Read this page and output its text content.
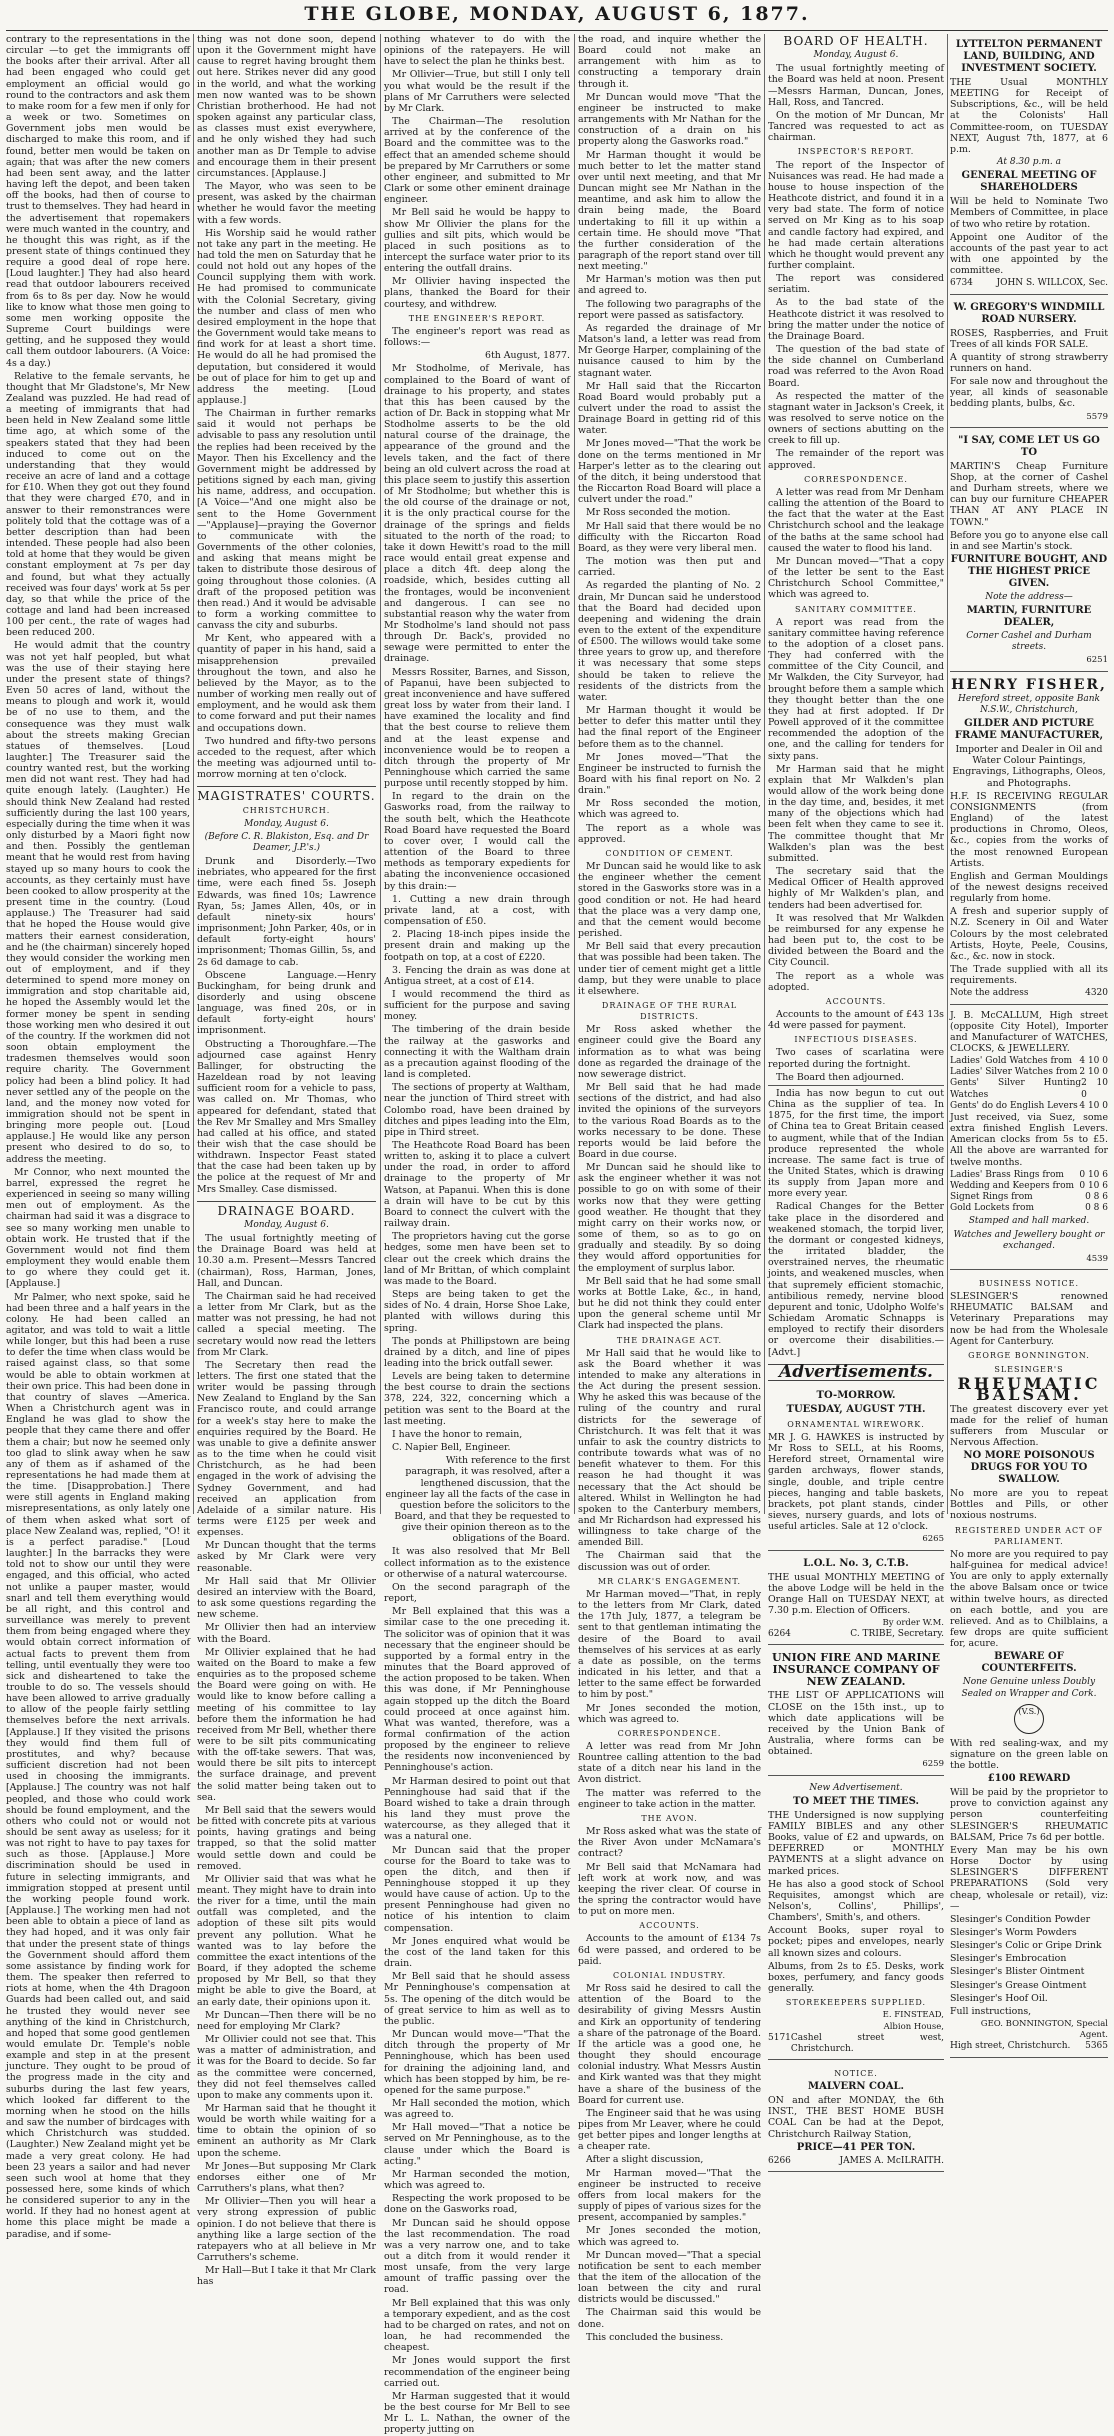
THE GLOBE, MONDAY, AUGUST 6, 1877.

contrary to the representations in the circular —to get the immigrants off the books after their arrival. After all had been engaged who could get employment an official would go round to the contractors and ask them to make room for a few men if only for a week or two. Sometimes on Government jobs men would be discharged to make this room, and if found, better men would be taken on again; that was after the new comers had been sent away, and the latter having left the depot, and been taken off the books, had then of course to trust to themselves. They had heard in the advertisement that ropemakers were much wanted in the country, and he thought this was right, as if the present state of things continued they require a good deal of rope here. [Loud laughter.] They had also heard read that outdoor labourers received from 6s to 8s per day. Now he would like to know what those men going to some men working opposite the Supreme Court buildings were getting, and he supposed they would call them outdoor labourers. (A Voice: 4s a day.)

Relative to the female servants, he thought that Mr Gladstone's, Mr New Zealand was puzzled. He had read of a meeting of immigrants that had been held in New Zealand some little time ago, at which some of the speakers stated that they had been induced to come out on the understanding that they would receive an acre of land and a cottage for £10. When they got out they found that they were charged £70, and in answer to their remonstrances were politely told that the cottage was of a better description than had been intended. These people had also been told at home that they would be given constant employment at 7s per day and found, but what they actually received was four days' work at 5s per day, so that while the price of the cottage and land had been increased 100 per cent., the rate of wages had been reduced 200.

He would admit that the country was not yet half peopled, but what was the use of their staying here under the present state of things? Even 50 acres of land, without the means to plough and work it, would be of no use to them, and the consequence was they must walk about the streets making Grecian statues of themselves. [Loud laughter.] The Treasurer said the country wanted rest, but the working men did not want rest. They had had quite enough lately. (Laughter.) He should think New Zealand had rested sufficiently during the last 100 years, especially during the time when it was only disturbed by a Maori fight now and then. Possibly the gentleman meant that he would rest from having stayed up so many hours to cook the accounts, as they certainly must have been cooked to allow prosperity at the present time in the country. (Loud applause.) The Treasurer had said that he hoped the House would give matters their earnest consideration, and he (the chairman) sincerely hoped they would consider the working men out of employment, and if they determined to spend more money on immigration and stop charitable aid, he hoped the Assembly would let the former money be spent in sending those working men who desired it out of the country. If the workmen did not soon obtain employment the tradesmen themselves would soon require charity. The Government policy had been a blind policy. It had never settled any of the people on the land, and the money now voted for immigration should not be spent in bringing more people out. [Loud applause.] He would like any person present who desired to do so, to address the meeting.

Mr Connor, who next mounted the barrel, expressed the regret he experienced in seeing so many willing men out of employment. As the chairman had said it was a disgrace to see so many working men unable to obtain work. He trusted that if the Government would not find them employment they would enable them to go where they could get it. [Applause.]

Mr Palmer, who next spoke, said he had been three and a half years in the colony. He had been called an agitator, and was told to wait a little while longer, but this had been a ruse to defer the time when class would be raised against class, so that some would be able to obtain workmen at their own price. This had been done in that country of slaves —America. When a Christchurch agent was in England he was glad to show the people that they came there and offer them a chair; but now he seemed only too glad to slink away when he saw any of them as if ashamed of the representations he had made them at the time. [Disapprobation.] There were still agents in England making misrepresentations, as only lately one of them when asked what sort of place New Zealand was, replied, "O! it is a perfect paradise." [Loud laughter.] In the barracks they were told not to show our until they were engaged, and this official, who acted not unlike a pauper master, would snarl and tell them everything would be all right, and this control and surveillance was merely to prevent them from being engaged where they would obtain correct information of actual facts to prevent them from telling, until eventually they were too sick and disheartened to take the trouble to do so. The vessels should have been allowed to arrive gradually to allow of the people fairly settling themselves before the next arrivals. [Applause.] If they visited the prisons they would find them full of prostitutes, and why? because sufficient discretion had not been used in choosing the immigrants. [Applause.] The country was not half peopled, and those who could work should be found employment, and the others who could not or would not should be sent away as useless; for it was not right to have to pay taxes for such as those. [Applause.] More discrimination should be used in future in selecting immigrants, and immigration stopped at present until the working people found work. [Applause.] The working men had not been able to obtain a piece of land as they had hoped, and it was only fair that under the present state of things the Government should afford them some assistance by finding work for them. The speaker then referred to riots at home, when the 4th Dragoon Guards had been called out, and said he trusted they would never see anything of the kind in Christchurch, and hoped that some good gentlemen would emulate Dr. Temple's noble example and step in at the present juncture. They ought to be proud of the progress made in the city and suburbs during the last few years, which looked far different to the morning when he stood on the hills and saw the number of birdcages with which Christchurch was studded. (Laughter.) New Zealand might yet be made a very great colony. He had been 23 years a sailor and had never seen such wool at home that they possessed here, some kinds of which he considered superior to any in the world. If they had no honest agent at home this place might be made a paradise, and if some-

thing was not done soon, depend upon it the Government might have cause to regret having brought them out here. Strikes never did any good in the world, and what the working men now wanted was to be shown Christian brotherhood. He had not spoken against any particular class, as classes must exist everywhere, and he only wished they had such another man as Dr Temple to advise and encourage them in their present circumstances. [Applause.]

The Mayor, who was seen to be present, was asked by the chairman whether he would favor the meeting with a few words.

His Worship said he would rather not take any part in the meeting. He had told the men on Saturday that he could not hold out any hopes of the Council supplying them with work. He had promised to communicate with the Colonial Secretary, giving the number and class of men who desired employment in the hope that the Government would take means to find work for at least a short time. He would do all he had promised the deputation, but considered it would be out of place for him to get up and address the meeting. [Loud applause.]

The Chairman in further remarks said it would not perhaps be advisable to pass any resolution until the replies had been received by the Mayor. Then his Excellency and the Government might be addressed by petitions signed by each man, giving his name, address, and occupation. [A Voice—"And one might also be sent to the Home Government—"Applause]—praying the Governor to communicate with the Governments of the other colonies, and asking that means might be taken to distribute those desirous of going throughout those colonies. (A draft of the proposed petition was then read.) And it would be advisable to form a working committee to canvass the city and suburbs.

Mr Kent, who appeared with a quantity of paper in his hand, said a misapprehension prevailed throughout the town, and also he believed by the Mayor, as to the number of working men really out of employment, and he would ask them to come forward and put their names and occupations down.

Two hundred and fifty-two persons acceded to the request, after which the meeting was adjourned until to-morrow morning at ten o'clock.

MAGISTRATES' COURTS.
CHRISTCHURCH.
Monday, August 6.
(Before C. R. Blakiston, Esq. and Dr Deamer, J.P.'s.)

Drunk and Disorderly.—Two inebriates, who appeared for the first time, were each fined 5s. Joseph Edwards, was fined 10s; Lawrence Ryan, 5s; James Allen, 40s, or in default ninety-six hours' imprisonment; John Parker, 40s, or in default forty-eight hours' imprisonment; Thomas Gillin, 5s, and 2s 6d damage to cab.

Obscene Language.—Henry Buckingham, for being drunk and disorderly and using obscene language, was fined 20s, or in default forty-eight hours' imprisonment.

Obstructing a Thoroughfare.—The adjourned case against Henry Ballinger, for obstructing the Hazeldean road by not leaving sufficient room for a vehicle to pass, was called on. Mr Thomas, who appeared for defendant, stated that the Rev Mr Smalley and Mrs Smalley had called at his office, and stated their wish that the case should be withdrawn. Inspector Feast stated that the case had been taken up by the police at the request of Mr and Mrs Smalley. Case dismissed.

DRAINAGE BOARD.
Monday, August 6.

The usual fortnightly meeting of the Drainage Board was held at 10.30 a.m. Present—Messrs Tancred (chairman), Ross, Harman, Jones, Hall, and Duncan.

The Chairman said he had received a letter from Mr Clark, but as the matter was not pressing, he had not called a special meeting. The secretary would now read the letters from Mr Clark.

The Secretary then read the letters. The first one stated that the writer would be passing through New Zealand to England by the San Francisco route, and could arrange for a week's stay here to make the enquiries required by the Board. He was unable to give a definite answer as to the time when he could visit Christchurch, as he had been engaged in the work of advising the Sydney Government, and had received an application from Adelaide of a similar nature. His terms were £125 per week and expenses.

Mr Duncan thought that the terms asked by Mr Clark were very reasonable.

Mr Hall said that Mr Ollivier desired an interview with the Board, to ask some questions regarding the new scheme.

Mr Ollivier then had an interview with the Board.

Mr Ollivier explained that he had waited on the Board to make a few enquiries as to the proposed scheme the Board were going on with. He would like to know before calling a meeting of his committee to lay before them the information he had received from Mr Bell, whether there were to be silt pits communicating with the off-take sewers. That was, would there be silt pits to intercept the surface drainage, and prevent the solid matter being taken out to sea.

Mr Bell said that the sewers would be fitted with concrete pits at various points, having gratings and being trapped, so that the solid matter would settle down and could be removed.

Mr Ollivier said that was what he meant. They might have to drain into the river for a time, until the main outfall was completed, and the adoption of these silt pits would prevent any pollution. What he wanted was to lay before the committee the exact intentions of the Board, if they adopted the scheme proposed by Mr Bell, so that they might be able to give the Board, at an early date, their opinions upon it.

Mr Duncan—Then there will be no need for employing Mr Clark?

Mr Ollivier could not see that. This was a matter of administration, and it was for the Board to decide. So far as the committee were concerned, they did not feel themselves called upon to make any comments upon it.

Mr Harman said that he thought it would be worth while waiting for a time to obtain the opinion of so eminent an authority as Mr Clark upon the scheme.

Mr Jones—But supposing Mr Clark endorses either one of Mr Carruthers's plans, what then?

Mr Ollivier—Then you will hear a very strong expression of public opinion. I do not believe that there is anything like a large section of the ratepayers who at all believe in Mr Carruthers's scheme.

Mr Hall—But I take it that Mr Clark has

nothing whatever to do with the opinions of the ratepayers. He will have to select the plan he thinks best.

Mr Ollivier—True, but still I only tell you what would be the result if the plans of Mr Carruthers were selected by Mr Clark.

The Chairman—The resolution arrived at by the conference of the Board and the committee was to the effect that an amended scheme should be prepared by Mr Carruthers or some other engineer, and submitted to Mr Clark or some other eminent drainage engineer.

Mr Bell said he would be happy to show Mr Ollivier the plans for the gullies and silt pits, which would be placed in such positions as to intercept the surface water prior to its entering the outfall drains.

Mr Ollivier having inspected the plans, thanked the Board for their courtesy, and withdrew.

THE ENGINEER'S REPORT.

The engineer's report was read as follows:—

6th August, 1877.

Mr Stodholme, of Merivale, has complained to the Board of want of drainage to his property, and states that this has been caused by the action of Dr. Back in stopping what Mr Stodholme asserts to be the old natural course of the drainage, the appearance of the ground and the levels taken, and the fact of there being an old culvert across the road at this place seem to justify this assertion of Mr Stodholme; but whether this is the old course of the drainage or not, it is the only practical course for the drainage of the springs and fields situated to the north of the road; to take it down Hewitt's road to the mill race would entail great expense and place a ditch 4ft. deep along the roadside, which, besides cutting all the frontages, would be inconvenient and dangerous. I can see no substantial reason why the water from Mr Stodholme's land should not pass through Dr. Back's, provided no sewage were permitted to enter the drainage.

Messrs Rossiter, Barnes, and Sisson, of Papanui, have been subjected to great inconvenience and have suffered great loss by water from their land. I have examined the locality and find that the best course to relieve them and at the least expense and inconvenience would be to reopen a ditch through the property of Mr Penninghouse which carried the same purpose until recently stopped by him.

In regard to the drain on the Gasworks road, from the railway to the south belt, which the Heathcote Road Board have requested the Board to cover over, I would call the attention of the Board to three methods as temporary expedients for abating the inconvenience occasioned by this drain:—

1. Cutting a new drain through private land, at a cost, with compensation of £50.

2. Placing 18-inch pipes inside the present drain and making up the footpath on top, at a cost of £220.

3. Fencing the drain as was done at Antigua street, at a cost of £14.

I would recommend the third as sufficient for the purpose and saving money.

The timbering of the drain beside the railway at the gasworks and connecting it with the Waltham drain as a precaution against flooding of the land is completed.

The sections of property at Waltham, near the junction of Third street with Colombo road, have been drained by ditches and pipes leading into the Elm, pipe in Third street.

The Heathcote Road Board has been written to, asking it to place a culvert under the road, in order to afford drainage to the property of Mr Watson, at Papanui. When this is done a drain will have to be cut by this Board to connect the culvert with the railway drain.

The proprietors having cut the gorse hedges, some men have been set to clear out the creek which drains the land of Mr Brittan, of which complaint was made to the Board.

Steps are being taken to get the sides of No. 4 drain, Horse Shoe Lake, planted with willows during this spring.

The ponds at Phillipstown are being drained by a ditch, and line of pipes leading into the brick outfall sewer.

Levels are being taken to determine the best course to drain the sections 378, 224, 322, concerning which a petition was sent to the Board at the last meeting.

I have the honor to remain,

C. Napier Bell, Engineer.

With reference to the first paragraph, it was resolved, after a lengthened discussion, that the engineer lay all the facts of the case in question before the solicitors to the Board, and that they be requested to give their opinion thereon as to the obligations of the Board.

It was also resolved that Mr Bell collect information as to the existence or otherwise of a natural watercourse.

On the second paragraph of the report,

Mr Bell explained that this was a similar case to the one preceding it. The solicitor was of opinion that it was necessary that the engineer should be supported by a formal entry in the minutes that the Board approved of the action proposed to be taken. When this was done, if Mr Penninghouse again stopped up the ditch the Board could proceed at once against him. What was wanted, therefore, was a formal confirmation of the action proposed by the engineer to relieve the residents now inconvenienced by Penninghouse's action.

Mr Harman desired to point out that Penninghouse had said that if the Board wished to take a drain through his land they must prove the watercourse, as they alleged that it was a natural one.

Mr Duncan said that the proper course for the Board to take was to open the ditch, and then if Penninghouse stopped it up they would have cause of action. Up to the present Penninghouse had given no notice of his intention to claim compensation.

Mr Jones enquired what would be the cost of the land taken for this drain.

Mr Bell said that he should assess Mr Penninghouse's compensation at 5s. The opening of the ditch would be of great service to him as well as to the public.

Mr Duncan would move—"That the ditch through the property of Mr Penninghouse, which has been used for draining the adjoining land, and which has been stopped by him, be re-opened for the same purpose."

Mr Hall seconded the motion, which was agreed to.

Mr Hall moved—"That a notice be served on Mr Penninghouse, as to the clause under which the Board is acting."

Mr Harman seconded the motion, which was agreed to.

Respecting the work proposed to be done on the Gasworks road,

Mr Duncan said he should oppose the last recommendation. The road was a very narrow one, and to take out a ditch from it would render it most unsafe, from the very large amount of traffic passing over the road.

Mr Bell explained that this was only a temporary expedient, and as the cost had to be charged on rates, and not on loan, he had recommended the cheapest.

Mr Jones would support the first recommendation of the engineer being carried out.

Mr Harman suggested that it would be the best course for Mr Bell to see Mr L. L. Nathan, the owner of the property jutting on

the road, and inquire whether the Board could not make an arrangement with him as to constructing a temporary drain through it.

Mr Duncan would move "That the engineer be instructed to make arrangements with Mr Nathan for the construction of a drain on his property along the Gasworks road."

Mr Harman thought it would be much better to let the matter stand over until next meeting, and that Mr Duncan might see Mr Nathan in the meantime, and ask him to allow the drain being made, the Board undertaking to fill it up within a certain time. He should move "That the further consideration of the paragraph of the report stand over till next meeting."

Mr Harman's motion was then put and agreed to.

The following two paragraphs of the report were passed as satisfactory.

As regarded the drainage of Mr Matson's land, a letter was read from Mr George Harper, complaining of the nuisance caused to him by the stagnant water.

Mr Hall said that the Riccarton Road Board would probably put a culvert under the road to assist the Drainage Board in getting rid of this water.

Mr Jones moved—"That the work be done on the terms mentioned in Mr Harper's letter as to the clearing out of the ditch, it being understood that the Riccarton Road Board will place a culvert under the road."

Mr Ross seconded the motion.

Mr Hall said that there would be no difficulty with the Riccarton Road Board, as they were very liberal men.

The motion was then put and carried.

As regarded the planting of No. 2 drain, Mr Duncan said he understood that the Board had decided upon deepening and widening the drain even to the extent of the expenditure of £500. The willows would take some three years to grow up, and therefore it was necessary that some steps should be taken to relieve the residents of the districts from the water.

Mr Harman thought it would be better to defer this matter until they had the final report of the Engineer before them as to the channel.

Mr Jones moved—"That the Engineer be instructed to furnish the Board with his final report on No. 2 drain."

Mr Ross seconded the motion, which was agreed to.

The report as a whole was approved.

CONDITION OF CEMENT.

Mr Duncan said he would like to ask the engineer whether the cement stored in the Gasworks store was in a good condition or not. He had heard that the place was a very damp one, and that the cement would become perished.

Mr Bell said that every precaution that was possible had been taken. The under tier of cement might get a little damp, but they were unable to place it elsewhere.

DRAINAGE OF THE RURAL DISTRICTS.

Mr Ross asked whether the engineer could give the Board any information as to what was being done as regarded the drainage of the now sewerage district.

Mr Bell said that he had made sections of the district, and had also invited the opinions of the surveyors to the various Road Boards as to the works necessary to be done. These reports would be laid before the Board in due course.

Mr Duncan said he should like to ask the engineer whether it was not possible to go on with some of their works now that they were getting good weather. He thought that they might carry on their works now, or some of them, so as to go on gradually and steadily. By so doing they would afford opportunities for the employment of surplus labor.

Mr Bell said that he had some small works at Bottle Lake, &c., in hand, but he did not think they could enter upon the general scheme until Mr Clark had inspected the plans.

THE DRAINAGE ACT.

Mr Hall said that he would like to ask the Board whether it was intended to make any alterations in the Act during the present session. Why he asked this was because of the ruling of the country and rural districts for the sewerage of Christchurch. It was felt that it was unfair to ask the country districts to contribute towards what was of no benefit whatever to them. For this reason he had thought it was necessary that the Act should be altered. Whilst in Wellington he had spoken to the Canterbury members, and Mr Richardson had expressed his willingness to take charge of the amended Bill.

The Chairman said that the discussion was out of order.

MR CLARK'S ENGAGEMENT.

Mr Harman moved—"That, in reply to the letters from Mr Clark, dated the 17th July, 1877, a telegram be sent to that gentleman intimating the desire of the Board to avail themselves of his services at as early a date as possible, on the terms indicated in his letter, and that a letter to the same effect be forwarded to him by post."

Mr Jones seconded the motion, which was agreed to.

CORRESPONDENCE.

A letter was read from Mr John Rountree calling attention to the bad state of a ditch near his land in the Avon district.

The matter was referred to the engineer to take action in the matter.

THE AVON.

Mr Ross asked what was the state of the River Avon under McNamara's contract?

Mr Bell said that McNamara had left work at work now, and was keeping the river clear. Of course in the spring the contractor would have to put on more men.

ACCOUNTS.

Accounts to the amount of £134 7s 6d were passed, and ordered to be paid.

COLONIAL INDUSTRY.

Mr Ross said he desired to call the attention of the Board to the desirability of giving Messrs Austin and Kirk an opportunity of tendering a share of the patronage of the Board. If the article was a good one, he thought they should encourage colonial industry. What Messrs Austin and Kirk wanted was that they might have a share of the business of the Board for current use.

The Engineer said that he was using pipes from Mr Leaver, where he could get better pipes and longer lengths at a cheaper rate.

After a slight discussion,

Mr Harman moved—"That the engineer be instructed to receive offers from local makers for the supply of pipes of various sizes for the present, accompanied by samples."

Mr Jones seconded the motion, which was agreed to.

Mr Duncan moved—"That a special notification be sent to each member that the item of the allocation of the loan between the city and rural districts would be discussed."

The Chairman said this would be done.

This concluded the business.

BOARD OF HEALTH.
Monday, August 6.

The usual fortnightly meeting of the Board was held at noon. Present—Messrs Harman, Duncan, Jones, Hall, Ross, and Tancred.

On the motion of Mr Duncan, Mr Tancred was requested to act as chairman.

INSPECTOR'S REPORT.

The report of the Inspector of Nuisances was read. He had made a house to house inspection of the Heathcote district, and found it in a very bad state. The form of notice served on Mr King as to his soap and candle factory had expired, and he had made certain alterations which he thought would prevent any further complaint.

The report was considered seriatim.

As to the bad state of the Heathcote district it was resolved to bring the matter under the notice of the Drainage Board.

The question of the bad state of the side channel on Cumberland road was referred to the Avon Road Board.

As respected the matter of the stagnant water in Jackson's Creek, it was resolved to serve notice on the owners of sections abutting on the creek to fill up.

The remainder of the report was approved.

CORRESPONDENCE.

A letter was read from Mr Denham calling the attention of the Board to the fact that the water at the East Christchurch school and the leakage of the baths at the same school had caused the water to flood his land.

Mr Duncan moved—"That a copy of the letter be sent to the East Christchurch School Committee," which was agreed to.

SANITARY COMMITTEE.

A report was read from the sanitary committee having reference to the adoption of a closet pans. They had conferred with the committee of the City Council, and Mr Walkden, the City Surveyor, had brought before them a sample which they thought better than the one they had at first adopted. If Dr Powell approved of it the committee recommended the adoption of the one, and the calling for tenders for sixty pans.

Mr Harman said that he might explain that Mr Walkden's plan would allow of the work being done in the day time, and, besides, it met many of the objections which had been felt when they came to see it. The committee thought that Mr Walkden's plan was the best submitted.

The secretary said that the Medical Officer of Health approved highly of Mr Walkden's plan, and tenders had been advertised for.

It was resolved that Mr Walkden be reimbursed for any expense he had been put to, the cost to be divided between the Board and the City Council.

The report as a whole was adopted.

ACCOUNTS.

Accounts to the amount of £43 13s 4d were passed for payment.

INFECTIOUS DISEASES.

Two cases of scarlatina were reported during the fortnight.

The Board then adjourned.

India has now begun to cut out China as the supplier of tea. In 1875, for the first time, the import of China tea to Great Britain ceased to augment, while that of the Indian produce represented the whole increase. The same fact is true of the United States, which is drawing its supply from Japan more and more every year.

Radical Changes for the Better take place in the disordered and weakened stomach, the torpid liver, the dormant or congested kidneys, the irritated bladder, the overstrained nerves, the rheumatic joints, and weakened muscles, when that supremely efficient stomachic, antibilious remedy, nervine blood depurent and tonic, Udolpho Wolfe's Schiedam Aromatic Schnapps is employed to rectify their disorders or overcome their disabilities.—[Advt.]

Advertisements.
TO-MORROW.
TUESDAY, AUGUST 7TH.
ORNAMENTAL WIREWORK.

MR J. G. HAWKES is instructed by Mr Ross to SELL, at his Rooms, Hereford street, Ornamental wire garden archways, flower stands, single, double, and triple centre pieces, hanging and table baskets, brackets, pot plant stands, cinder sieves, nursery guards, and lots of useful articles. Sale at 12 o'clock.

6265
L.O.L. No. 3, C.T.B.

THE usual MONTHLY MEETING of the above Lodge will be held in the Orange Hall on TUESDAY NEXT, at 7.30 p.m. Election of Officers.

By order W.M.
6264	C. TRIBE, Secretary.
UNION FIRE AND MARINE INSURANCE COMPANY OF NEW ZEALAND.

THE LIST OF APPLICATIONS will CLOSE on the 15th inst., up to which date applications will be received by the Union Bank of Australia, where forms can be obtained.

6259
New Advertisement.
TO MEET THE TIMES.

THE Undersigned is now supplying FAMILY BIBLES and any other Books, value of £2 and upwards, on DEFERRED or MONTHLY PAYMENTS at a slight advance on marked prices.

He has also a good stock of School Requisites, amongst which are Nelson's, Collins', Phillips', Chambers', Smith's, and others.

Account Books, super royal to pocket; pipes and envelopes, nearly all known sizes and colours.

Albums, from 2s to £5. Desks, work boxes, perfumery, and fancy goods generally.

STOREKEEPERS SUPPLIED.
E. FINSTEAD,
Albion House,
5171 Cashel street west, Christchurch.
NOTICE.
MALVERN COAL.

ON and after MONDAY, the 6th INST., THE BEST HOME BUSH COAL Can be had at the Depot, Christchurch Railway Station,

PRICE—41 PER TON.
6266	JAMES A. McILRAITH.
LYTTELTON PERMANENT LAND, BUILDING, AND INVESTMENT SOCIETY.

THE Usual MONTHLY MEETING for Receipt of Subscriptions, &c., will be held at the Colonists' Hall Committee-room, on TUESDAY NEXT, August 7th, 1877, at 6 p.m.

At 8.30 p.m. a
GENERAL MEETING OF SHAREHOLDERS

Will be held to Nominate Two Members of Committee, in place of two who retire by rotation.

Appoint one Auditor of the accounts of the past year to act with one appointed by the committee.

6734	JOHN S. WILLCOX, Sec.
W. GREGORY'S WINDMILL ROAD NURSERY.

ROSES, Raspberries, and Fruit Trees of all kinds FOR SALE.

A quantity of strong strawberry runners on hand.

For sale now and throughout the year, all kinds of seasonable bedding plants, bulbs, &c.

5579
"I SAY, COME LET US GO TO

MARTIN'S Cheap Furniture Shop, at the corner of Cashel and Durham streets, where we can buy our furniture CHEAPER THAN AT ANY PLACE IN TOWN."

Before you go to anyone else call in and see Martin's stock.

FURNITURE BOUGHT, AND THE HIGHEST PRICE GIVEN.
Note the address—
MARTIN, FURNITURE DEALER,
Corner Cashel and Durham streets.
6251
HENRY FISHER,
Hereford street, opposite Bank N.S.W., Christchurch,
GILDER AND PICTURE FRAME MANUFACTURER,

Importer and Dealer in Oil and Water Colour Paintings, Engravings, Lithographs, Oleos, and Photographs.

H.F. IS RECEIVING REGULAR CONSIGNMENTS (from England) of the latest productions in Chromo, Oleos, &c., copies from the works of the most renowned European Artists.

English and German Mouldings of the newest designs received regularly from home.

A fresh and superior supply of N.Z. Scenery in Oil and Water Colours by the most celebrated Artists, Hoyte, Peele, Cousins, &c., &c. now in stock.

The Trade supplied with all its requirements.

Note the address	4320

J. B. McCALLUM, High street (opposite City Hotel), Importer and Manufacturer of WATCHES, CLOCKS, & JEWELLERY.

Ladies' Gold Watches from 4 10 0
Ladies' Silver Watches from 2 10 0
Gents' Silver Hunting Watches
2 10 0
Gents' do do English Levers 4 10 0

Just received, via Suez, some extra finished English Levers. American clocks from 5s to £5. All the above are warranted for twelve months.

Ladies' Brass Rings from 0 10 6
Wedding and Keepers from 0 10 6
Signet Rings from	0 8 6
Gold Lockets from	0 8 6
Stamped and hall marked.
Watches and Jewellery bought or exchanged.
4539
BUSINESS NOTICE.

SLESINGER'S renowned RHEUMATIC BALSAM and Veterinary Preparations may now be had from the Wholesale Agent for Canterbury.

GEORGE BONNINGTON.
SLESINGER'S
RHEUMATIC BALSAM.

The greatest discovery ever yet made for the relief of human sufferers from Muscular or Nervous Affection.

NO MORE POISONOUS DRUGS FOR YOU TO SWALLOW.

No more are you to repeat Bottles and Pills, or other noxious nostrums.

REGISTERED UNDER ACT OF PARLIAMENT.

No more are you required to pay half-guinea for medical advice! You are only to apply externally the above Balsam once or twice within twelve hours, as directed on each bottle, and you are relieved. And as to Chilblains, a few drops are quite sufficient for, acure.

BEWARE OF COUNTERFEITS.
None Genuine unless Doubly Sealed on Wrapper and Cork.
(V.S.)

With red sealing-wax, and my signature on the green lable on the bottle.

£100 REWARD

Will be paid by the proprietor to prove to conviction against any person counterfeiting SLESINGER'S RHEUMATIC BALSAM, Price 7s 6d per bottle.

Every Man may be his own Horse Doctor by using SLESINGER'S DIFFERENT PREPARATIONS (Sold very cheap, wholesale or retail), viz:—

Slesinger's Condition Powder

Slesinger's Worm Powders

Slesinger's Colic or Gripe Drink

Slesinger's Embrocation

Slesinger's Blister Ointment

Slesinger's Grease Ointment

Slesinger's Hoof Oil.

Full instructions,

GEO. BONNINGTON, Special Agent.
High street, Christchurch. 5365
